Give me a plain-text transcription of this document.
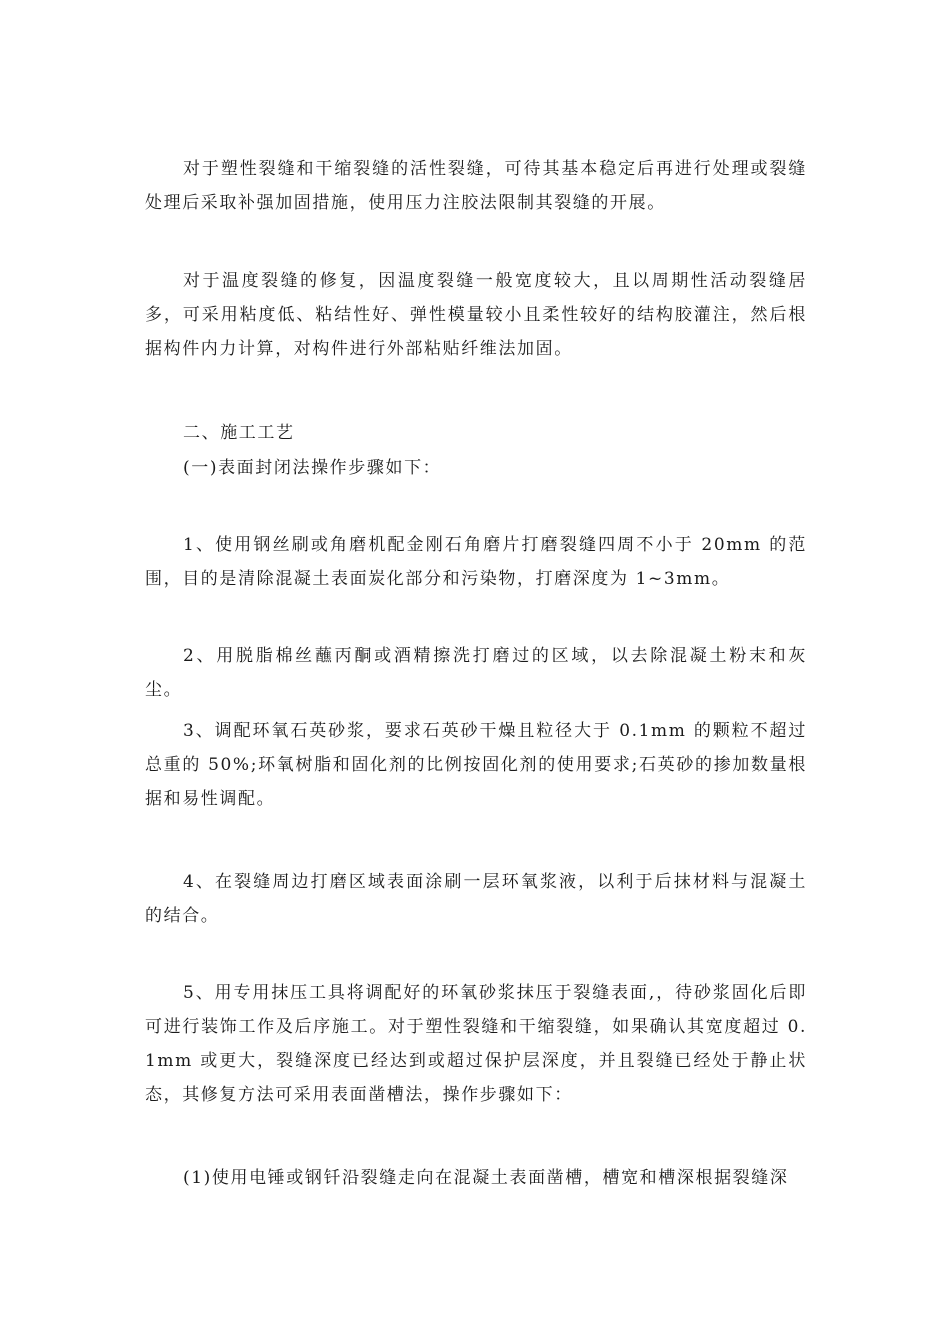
对于塑性裂缝和干缩裂缝的活性裂缝，可待其基本稳定后再进行处理或裂缝处理后采取补强加固措施，使用压力注胶法限制其裂缝的开展。

对于温度裂缝的修复，因温度裂缝一般宽度较大，且以周期性活动裂缝居多，可采用粘度低、粘结性好、弹性模量较小且柔性较好的结构胶灌注，然后根据构件内力计算，对构件进行外部粘贴纤维法加固。

二、施工工艺

(一)表面封闭法操作步骤如下：

1、使用钢丝刷或角磨机配金刚石角磨片打磨裂缝四周不小于 20mm 的范围，目的是清除混凝土表面炭化部分和污染物，打磨深度为 1~3mm。

2、用脱脂棉丝蘸丙酮或酒精擦洗打磨过的区域，以去除混凝土粉末和灰尘。

3、调配环氧石英砂浆，要求石英砂干燥且粒径大于 0.1mm 的颗粒不超过总重的 50%;环氧树脂和固化剂的比例按固化剂的使用要求;石英砂的掺加数量根据和易性调配。

4、在裂缝周边打磨区域表面涂刷一层环氧浆液，以利于后抹材料与混凝土的结合。

5、用专用抹压工具将调配好的环氧砂浆抹压于裂缝表面,，待砂浆固化后即可进行装饰工作及后序施工。对于塑性裂缝和干缩裂缝，如果确认其宽度超过 0.1mm 或更大，裂缝深度已经达到或超过保护层深度，并且裂缝已经处于静止状态，其修复方法可采用表面凿槽法，操作步骤如下：

(1)使用电锤或钢钎沿裂缝走向在混凝土表面凿槽，槽宽和槽深根据裂缝深
